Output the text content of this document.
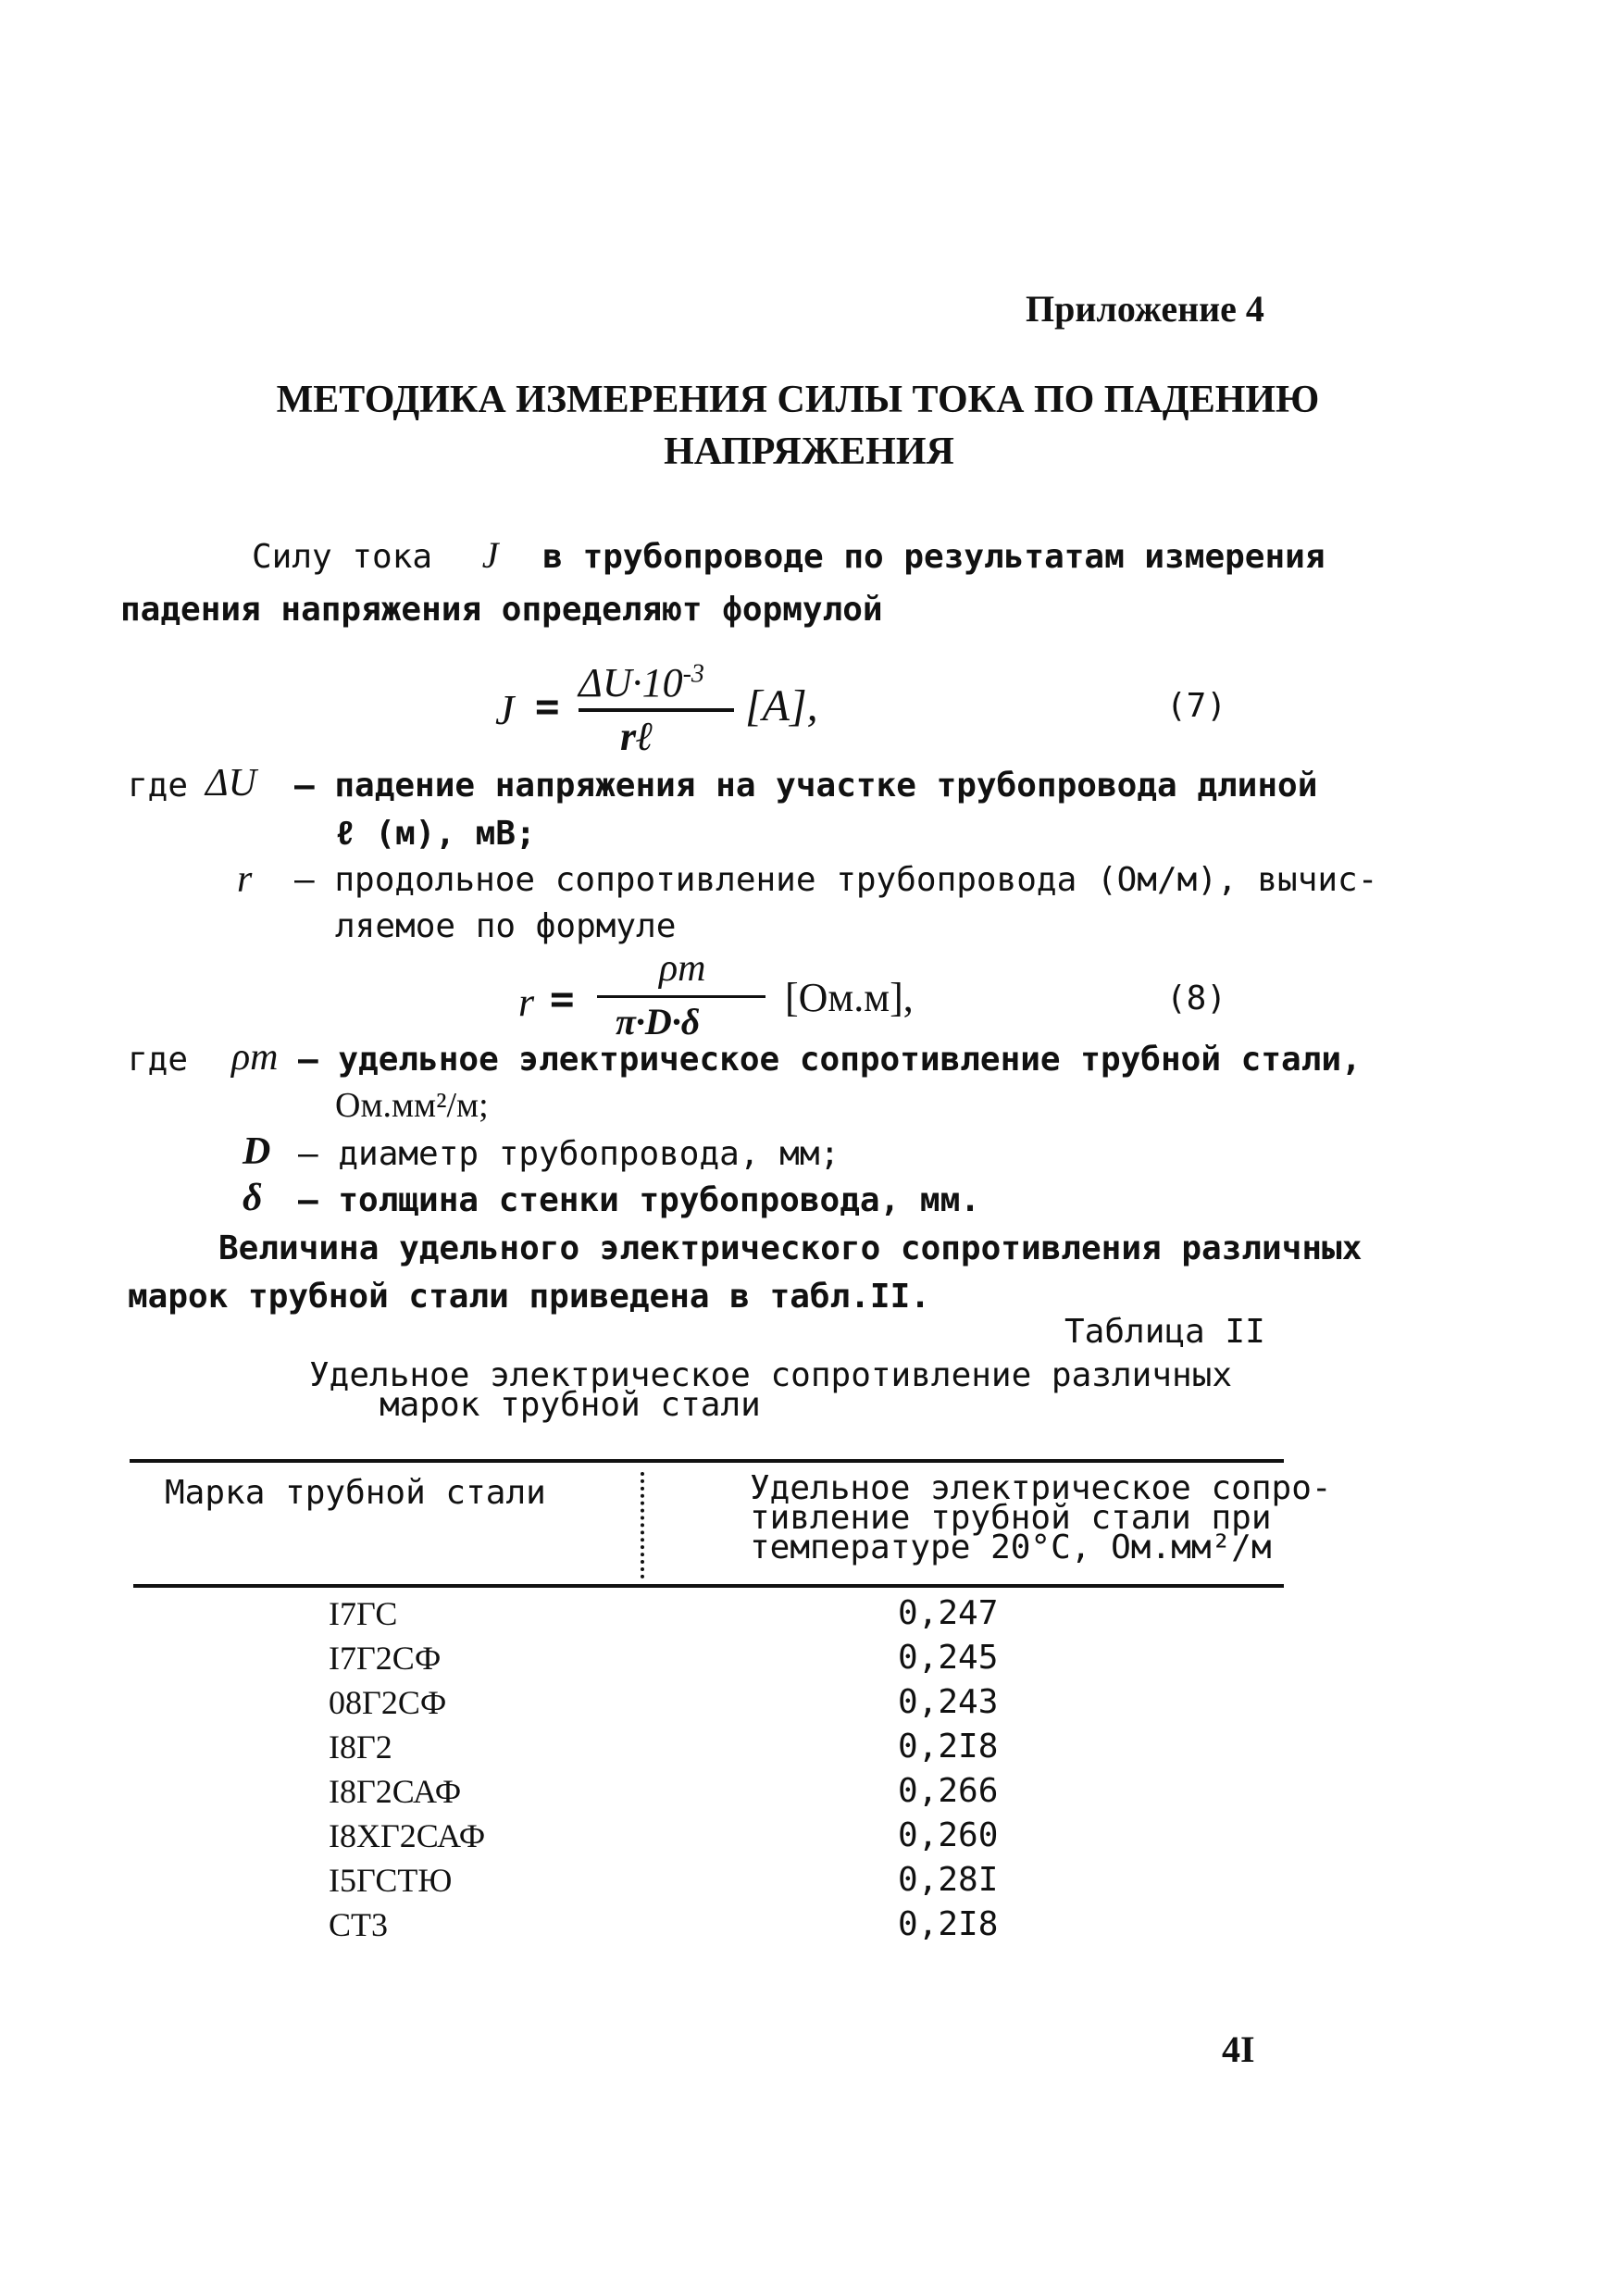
Приложение 4
МЕТОДИКА ИЗМЕРЕНИЯ СИЛЫ ТОКА ПО ПАДЕНИЮ
НАПРЯЖЕНИЯ
Силу тока J в трубопроводе по результатам измерения
падения напряжения определяют формулой
J =
$\Delta U\cdot 10^{-3}$
rℓ
[A],	(7)
где ΔU – падение напряжения на участке трубопровода длиной
ℓ (м), мВ;
r – продольное сопротивление трубопровода (Ом/м), вычис-
ляемое по формуле
r =
ρт
π·D·δ
[Ом.м],	(8)
где ρт – удельное электрическое сопротивление трубной стали,
Ом.мм²/м;
D – диаметр трубопровода, мм;
δ – толщина стенки трубопровода, мм.
Величина удельного электрического сопротивления различных
марок трубной стали приведена в табл.II.
Таблица II
Удельное электрическое сопротивление различных
марок трубной стали
Марка трубной стали	Удельное электрическое сопро-
тивление трубной стали при
температуре 20°С, Ом.мм²/м
I7ГС	0,247
I7Г2СФ	0,245
08Г2СФ	0,243
I8Г2	0,2I8
I8Г2САФ	0,266
I8ХГ2САФ	0,260
I5ГСТЮ	0,28I
СТ3	0,2I8
4I
